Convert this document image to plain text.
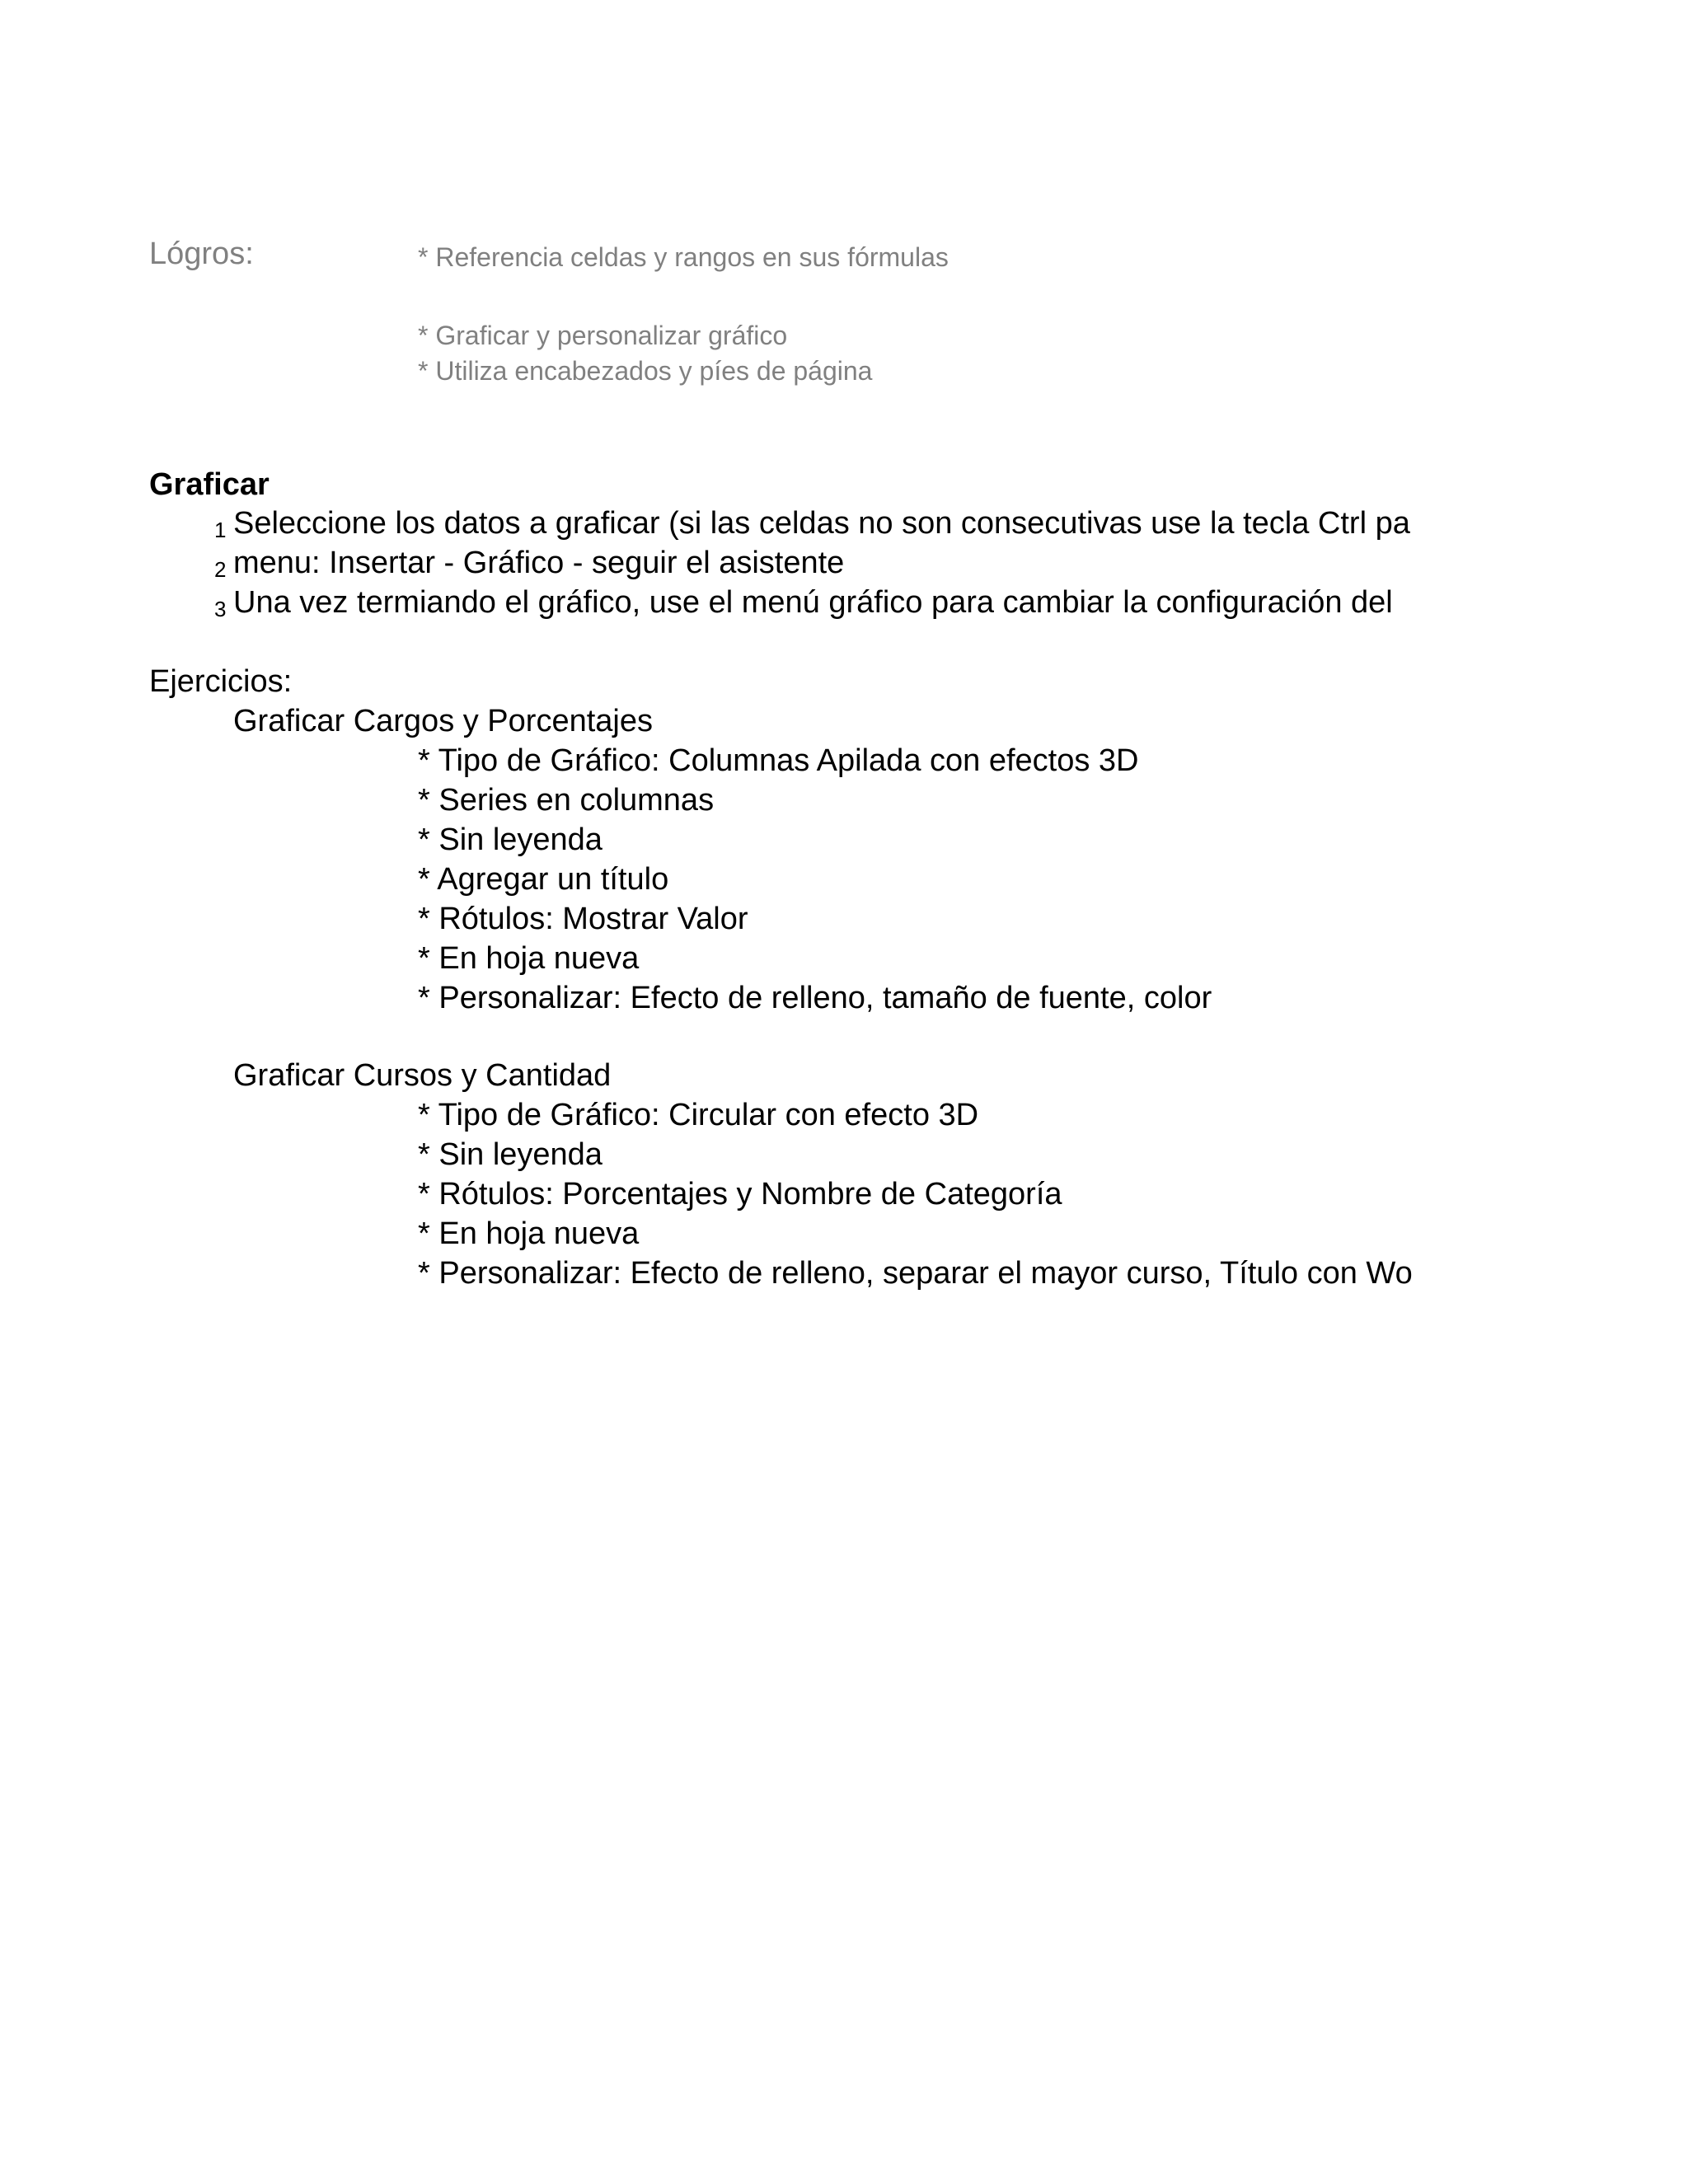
Lógros:	* Referencia celdas y rangos en sus fórmulas

* Graficar y personalizar gráfico

* Utiliza encabezados y píes de página

Graficar

1 Seleccione los datos a graficar (si las celdas no son consecutivas use la tecla Ctrl pa

2 menu: Insertar - Gráfico - seguir el asistente

3 Una vez termiando el gráfico, use el menú gráfico para cambiar la configuración del

Ejercicios:

Graficar Cargos y Porcentajes

* Tipo de Gráfico: Columnas Apilada con efectos 3D

* Series en columnas

* Sin leyenda

* Agregar un título

* Rótulos: Mostrar Valor

* En hoja nueva

* Personalizar: Efecto de relleno, tamaño de fuente, color

Graficar Cursos y Cantidad

* Tipo de Gráfico: Circular con efecto 3D

* Sin leyenda

* Rótulos: Porcentajes y Nombre de Categoría

* En hoja nueva

* Personalizar: Efecto de relleno, separar el mayor curso, Título con Wo
